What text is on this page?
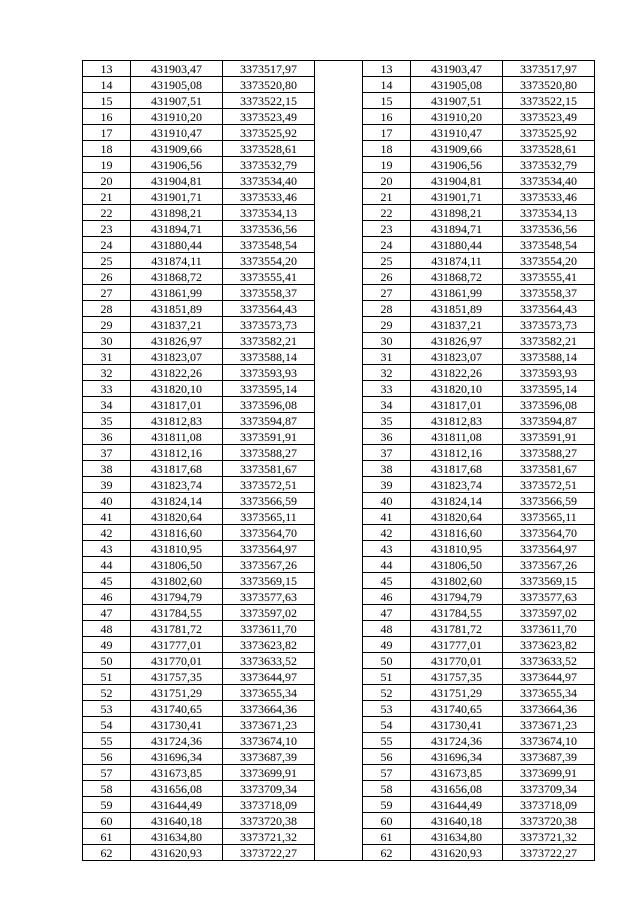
13	431903,47	3373517,97		13	431903,47	3373517,97
14	431905,08	3373520,80		14	431905,08	3373520,80
15	431907,51	3373522,15		15	431907,51	3373522,15
16	431910,20	3373523,49		16	431910,20	3373523,49
17	431910,47	3373525,92		17	431910,47	3373525,92
18	431909,66	3373528,61		18	431909,66	3373528,61
19	431906,56	3373532,79		19	431906,56	3373532,79
20	431904,81	3373534,40		20	431904,81	3373534,40
21	431901,71	3373533,46		21	431901,71	3373533,46
22	431898,21	3373534,13		22	431898,21	3373534,13
23	431894,71	3373536,56		23	431894,71	3373536,56
24	431880,44	3373548,54		24	431880,44	3373548,54
25	431874,11	3373554,20		25	431874,11	3373554,20
26	431868,72	3373555,41		26	431868,72	3373555,41
27	431861,99	3373558,37		27	431861,99	3373558,37
28	431851,89	3373564,43		28	431851,89	3373564,43
29	431837,21	3373573,73		29	431837,21	3373573,73
30	431826,97	3373582,21		30	431826,97	3373582,21
31	431823,07	3373588,14		31	431823,07	3373588,14
32	431822,26	3373593,93		32	431822,26	3373593,93
33	431820,10	3373595,14		33	431820,10	3373595,14
34	431817,01	3373596,08		34	431817,01	3373596,08
35	431812,83	3373594,87		35	431812,83	3373594,87
36	431811,08	3373591,91		36	431811,08	3373591,91
37	431812,16	3373588,27		37	431812,16	3373588,27
38	431817,68	3373581,67		38	431817,68	3373581,67
39	431823,74	3373572,51		39	431823,74	3373572,51
40	431824,14	3373566,59		40	431824,14	3373566,59
41	431820,64	3373565,11		41	431820,64	3373565,11
42	431816,60	3373564,70		42	431816,60	3373564,70
43	431810,95	3373564,97		43	431810,95	3373564,97
44	431806,50	3373567,26		44	431806,50	3373567,26
45	431802,60	3373569,15		45	431802,60	3373569,15
46	431794,79	3373577,63		46	431794,79	3373577,63
47	431784,55	3373597,02		47	431784,55	3373597,02
48	431781,72	3373611,70		48	431781,72	3373611,70
49	431777,01	3373623,82		49	431777,01	3373623,82
50	431770,01	3373633,52		50	431770,01	3373633,52
51	431757,35	3373644,97		51	431757,35	3373644,97
52	431751,29	3373655,34		52	431751,29	3373655,34
53	431740,65	3373664,36		53	431740,65	3373664,36
54	431730,41	3373671,23		54	431730,41	3373671,23
55	431724,36	3373674,10		55	431724,36	3373674,10
56	431696,34	3373687,39		56	431696,34	3373687,39
57	431673,85	3373699,91		57	431673,85	3373699,91
58	431656,08	3373709,34		58	431656,08	3373709,34
59	431644,49	3373718,09		59	431644,49	3373718,09
60	431640,18	3373720,38		60	431640,18	3373720,38
61	431634,80	3373721,32		61	431634,80	3373721,32
62	431620,93	3373722,27		62	431620,93	3373722,27
